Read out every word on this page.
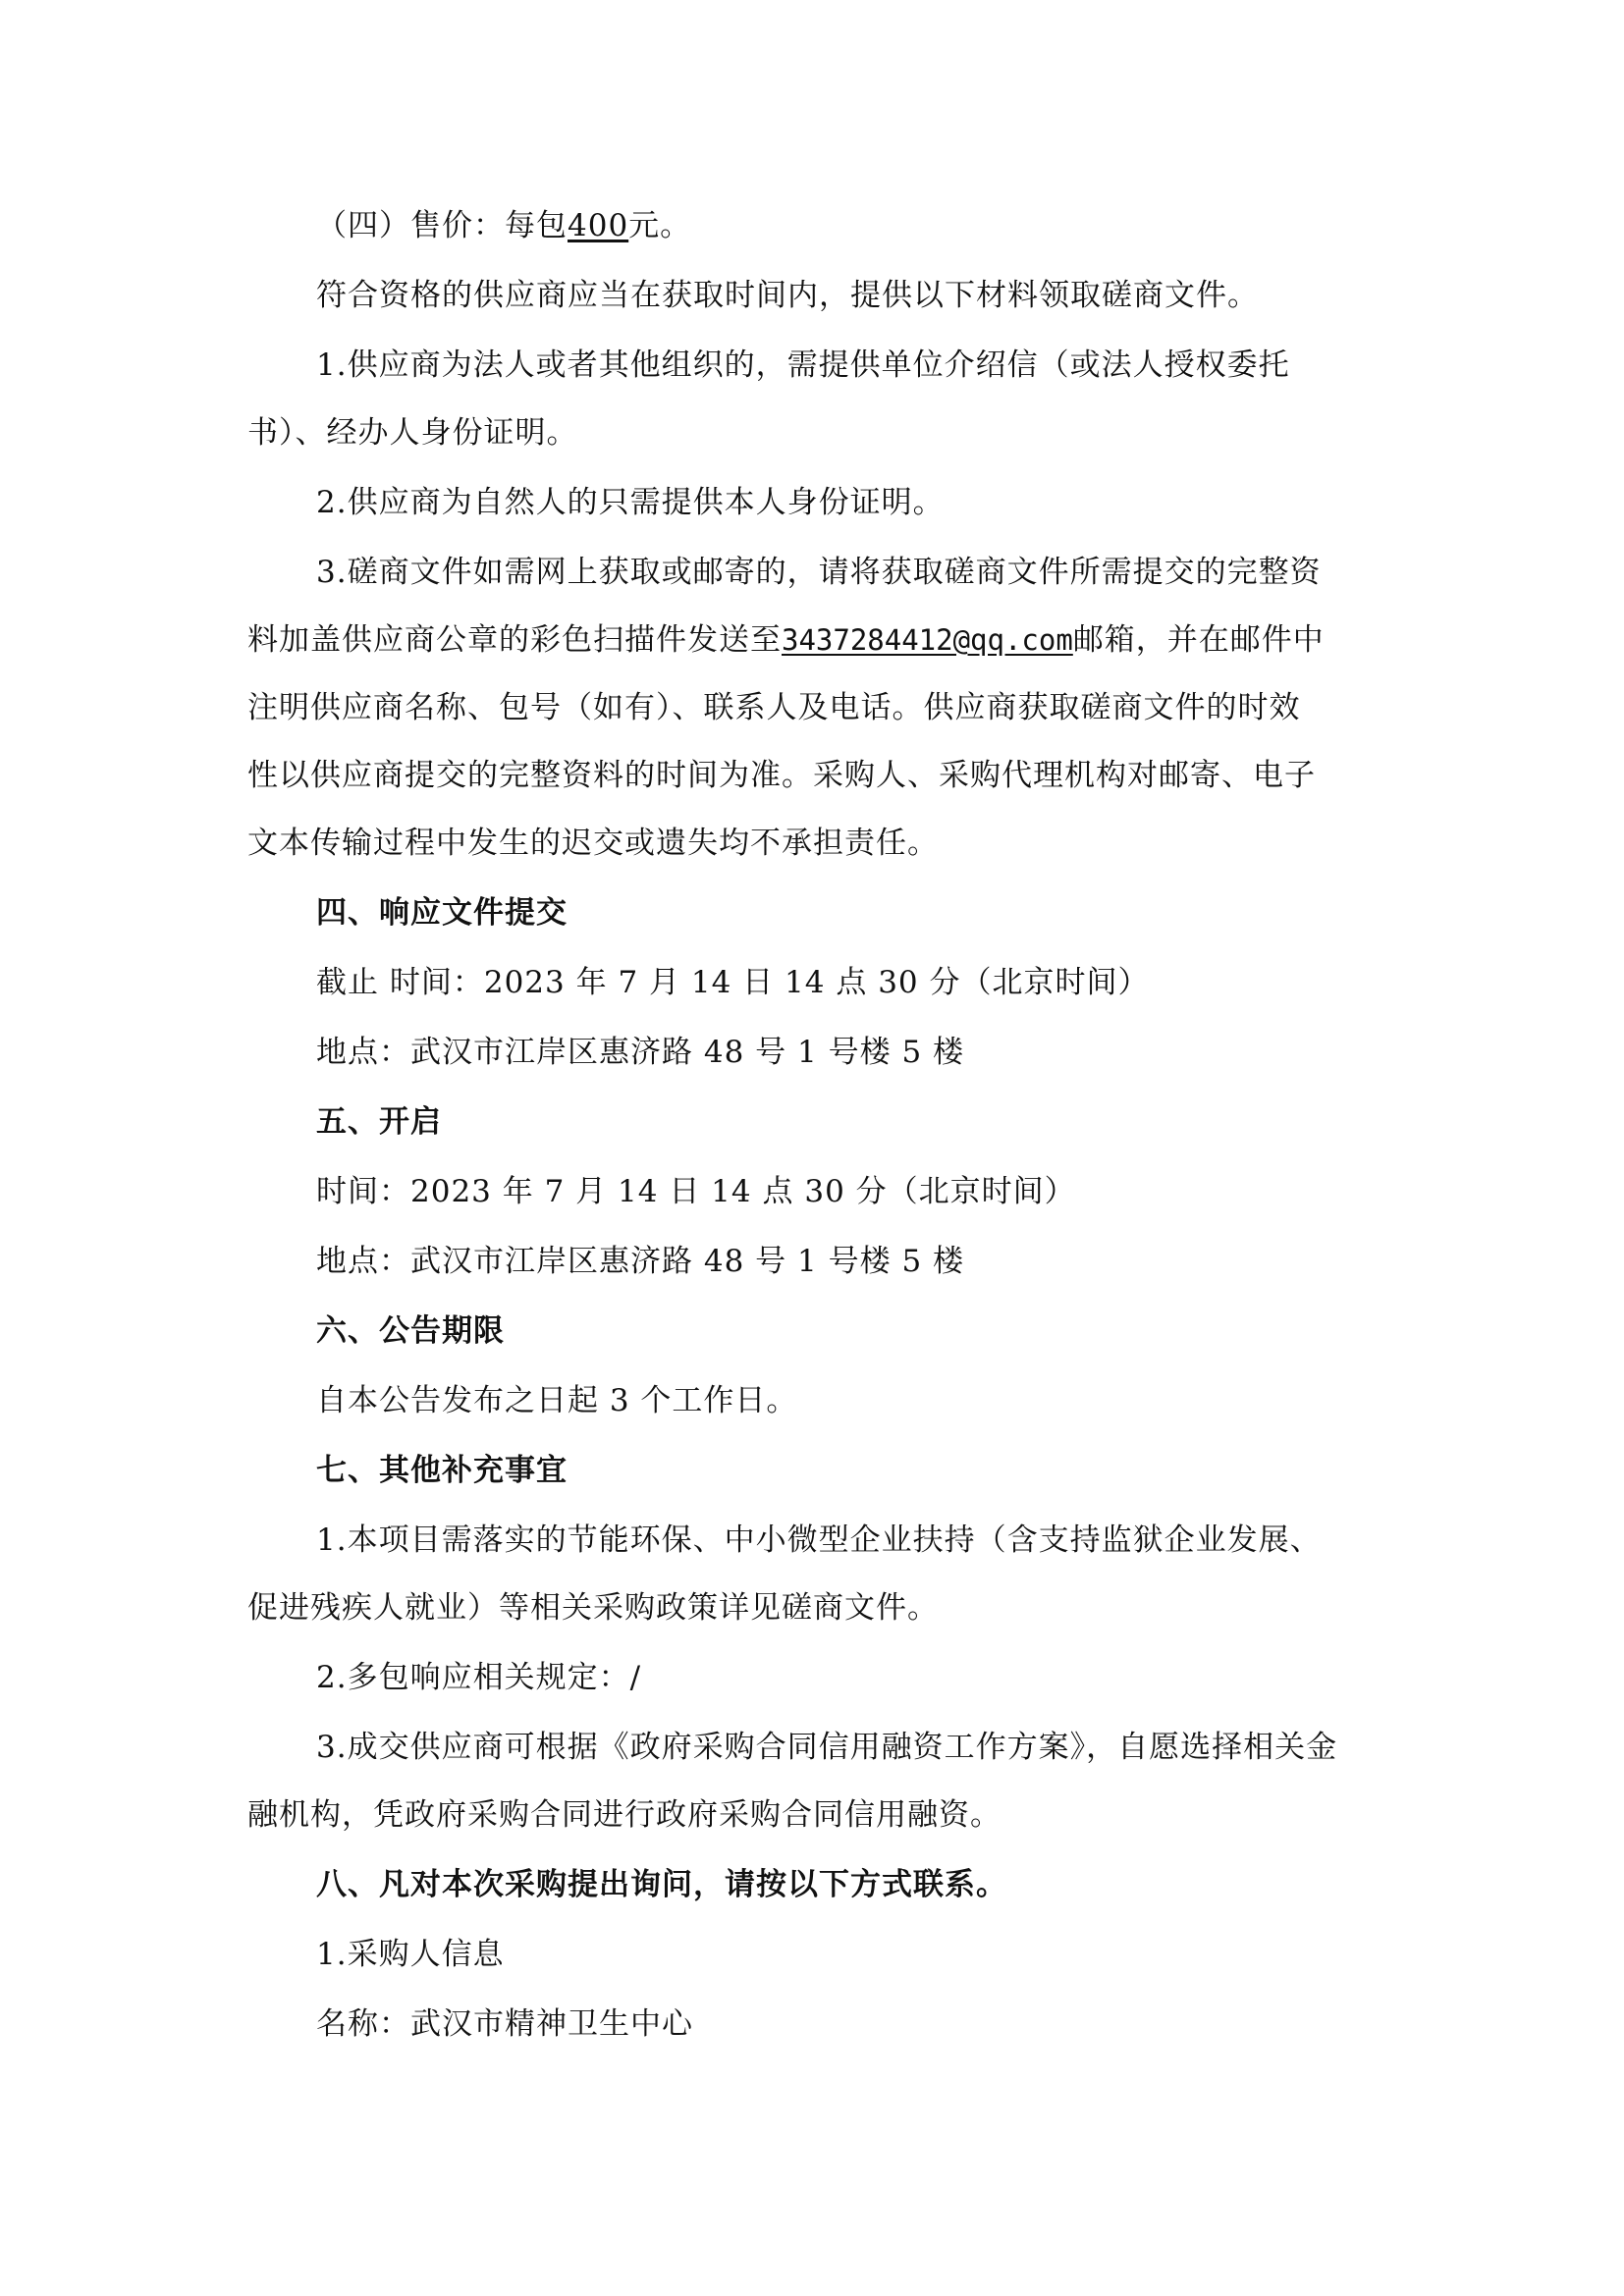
（四）售价：每包400元。
符合资格的供应商应当在获取时间内，提供以下材料领取磋商文件。
1.供应商为法人或者其他组织的，需提供单位介绍信（或法人授权委托
书）、经办人身份证明。
2.供应商为自然人的只需提供本人身份证明。
3.磋商文件如需网上获取或邮寄的，请将获取磋商文件所需提交的完整资
料加盖供应商公章的彩色扫描件发送至3437284412@qq.com邮箱，并在邮件中
注明供应商名称、包号（如有）、联系人及电话。供应商获取磋商文件的时效
性以供应商提交的完整资料的时间为准。采购人、采购代理机构对邮寄、电子
文本传输过程中发生的迟交或遗失均不承担责任。
四、响应文件提交
截止 时间：2023 年 7 月 14 日 14 点 30 分（北京时间）
地点：武汉市江岸区惠济路 48 号 1 号楼 5 楼
五、开启
时间：2023 年 7 月 14 日 14 点 30 分（北京时间）
地点：武汉市江岸区惠济路 48 号 1 号楼 5 楼
六、公告期限
自本公告发布之日起 3 个工作日。
七、其他补充事宜
1.本项目需落实的节能环保、中小微型企业扶持（含支持监狱企业发展、
促进残疾人就业）等相关采购政策详见磋商文件。
2.多包响应相关规定：/
3.成交供应商可根据《政府采购合同信用融资工作方案》，自愿选择相关金
融机构，凭政府采购合同进行政府采购合同信用融资。
八、凡对本次采购提出询问，请按以下方式联系。
1.采购人信息
名称：武汉市精神卫生中心
